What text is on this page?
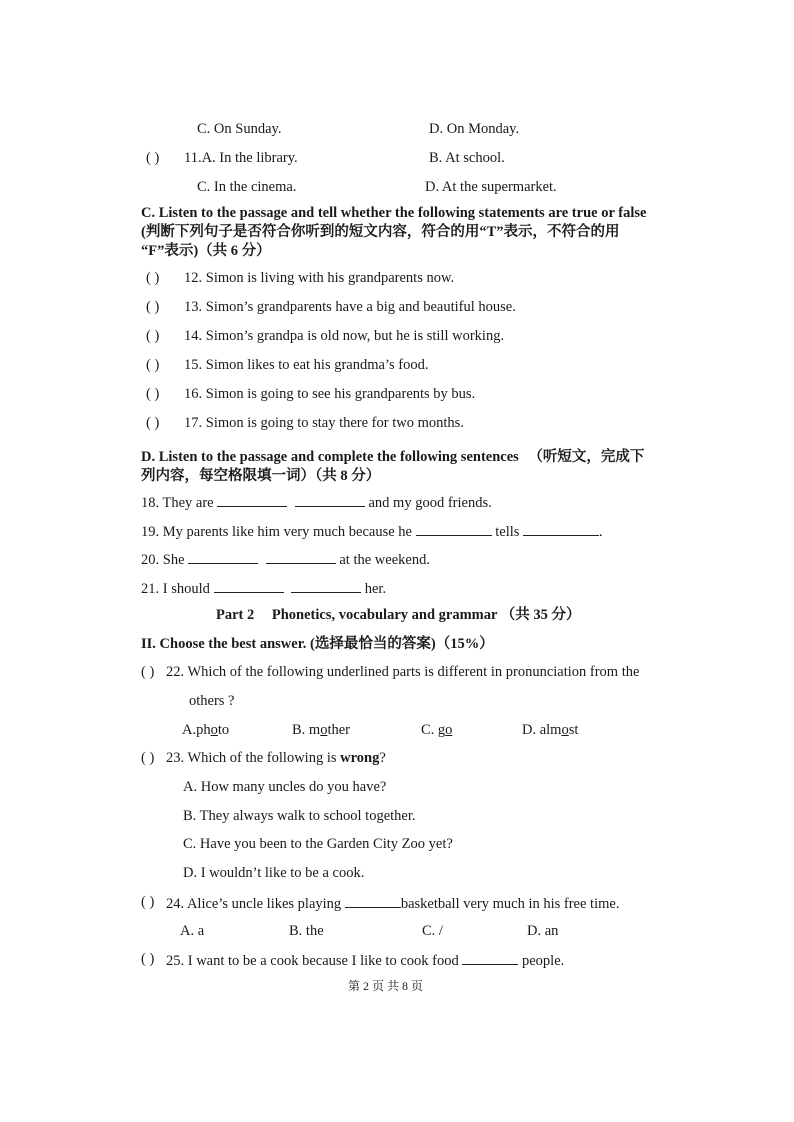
C. On Sunday.	D. On Monday.
( ) 11.A. In the library.	B. At school.
C. In the cinema.	D. At the supermarket.
C. Listen to the passage and tell whether the following statements are true or false
(判断下列句子是否符合你听到的短文内容，符合的用“T”表示，不符合的用
“F”表示)（共 6 分）
( ) 12. Simon is living with his grandparents now.
( ) 13. Simon’s grandparents have a big and beautiful house.
( ) 14. Simon’s grandpa is old now, but he is still working.
( ) 15. Simon likes to eat his grandma’s food.
( ) 16. Simon is going to see his grandparents by bus.
( ) 17. Simon is going to stay there for two months.
D. Listen to the passage and complete the following sentences （听短文，完成下
列内容，每空格限填一词）（共 8 分）
18. They are	and my good friends.
19. My parents like him very much because he	tells	.
20. She	at the weekend.
21. I should	her.
Part 2 Phonetics, vocabulary and grammar （共 35 分）
II. Choose the best answer. (选择最恰当的答案)（15%）
( ) 22. Which of the following underlined parts is different in pronunciation from the
others ?
A.photo	B. mother	C. go	D. almost
( ) 23. Which of the following is wrong?
A. How many uncles do you have?
B. They always walk to school together.
C. Have you been to the Garden City Zoo yet?
D. I wouldn’t like to be a cook.
( ) 24. Alice’s uncle likes playing	basketball very much in his free time.
A. a	B. the	C. /	D. an
( ) 25. I want to be a cook because I like to cook food	people.
第 2 页 共 8 页
